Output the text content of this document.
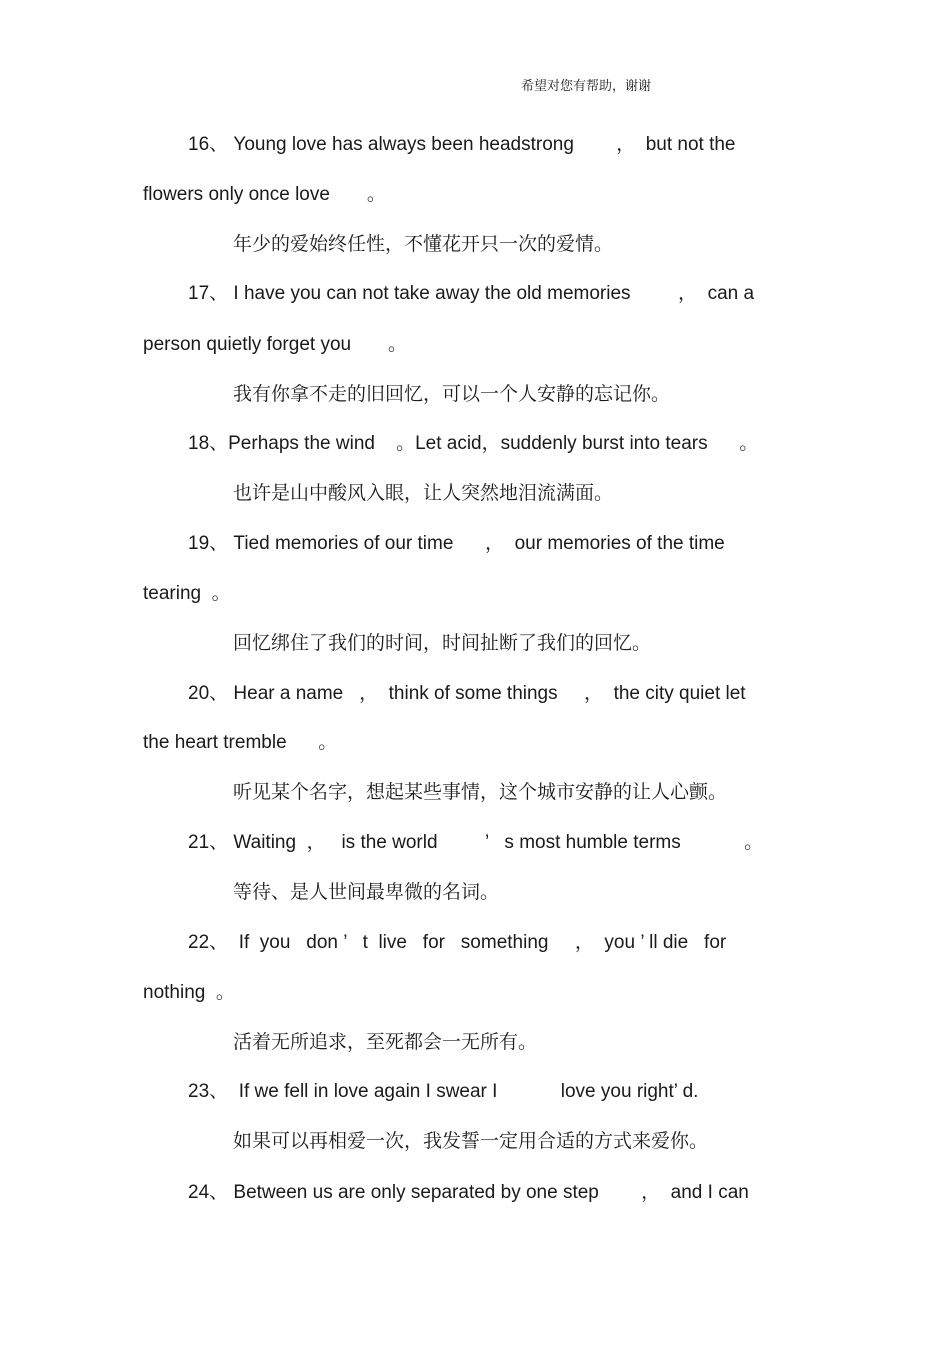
希望对您有帮助，谢谢
16、 Young love has always been headstrong        ，  but not the
flowers only once love       。
年少的爱始终任性，不懂花开只一次的爱情。
17、 I have you can not take away the old memories         ，  can a
person quietly forget you       。
我有你拿不走的旧回忆，可以一个人安静的忘记你。
18、Perhaps the wind    。Let acid，suddenly burst into tears      。
也许是山中酸风入眼，让人突然地泪流满面。
19、 Tied memories of our time      ，  our memories of the time
tearing  。
回忆绑住了我们的时间，时间扯断了我们的回忆。
20、 Hear a name   ，  think of some things     ，  the city quiet let
the heart tremble      。
听见某个名字，想起某些事情，这个城市安静的让人心颤。
21、 Waiting  ，   is the world         ’   s most humble terms            。
等待、是人世间最卑微的名词。
22、  If  you   don ’   t  live   for   something     ，  you ’ ll die   for
nothing  。
活着无所追求，至死都会一无所有。
23、  If we fell in love again I swear I            love you right’ d.
如果可以再相爱一次，我发誓一定用合适的方式来爱你。
24、 Between us are only separated by one step        ，  and I can
